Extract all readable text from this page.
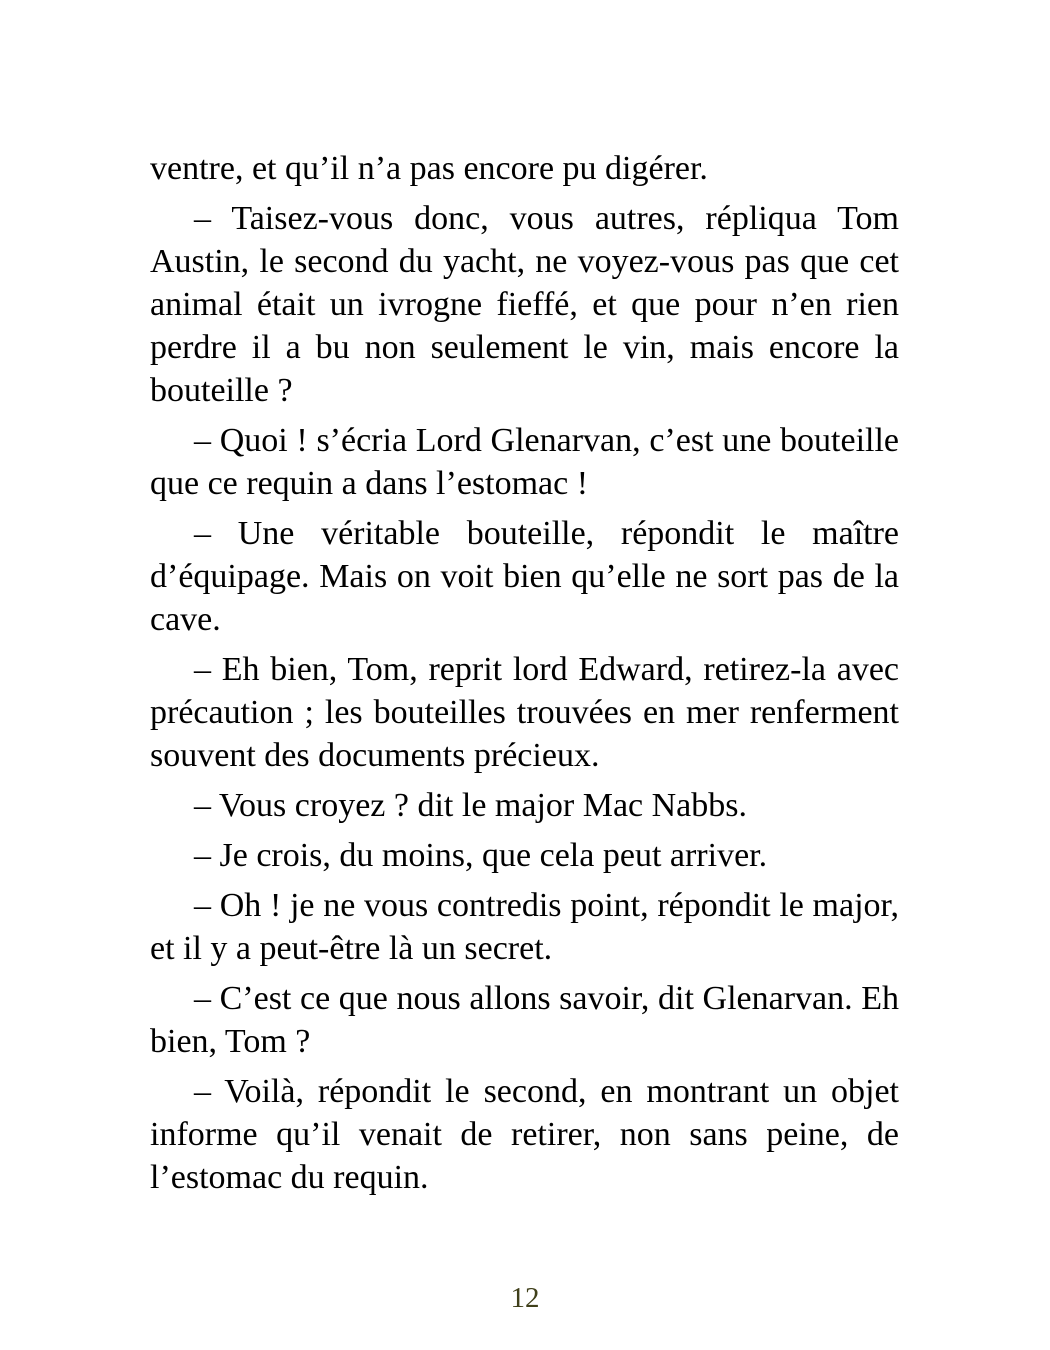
ventre, et qu’il n’a pas encore pu digérer.

– Taisez-vous donc, vous autres, répliqua Tom Austin, le second du yacht, ne voyez-vous pas que cet animal était un ivrogne fieffé, et que pour n’en rien perdre il a bu non seulement le vin, mais encore la bouteille ?

– Quoi ! s’écria Lord Glenarvan, c’est une bouteille que ce requin a dans l’estomac !

– Une véritable bouteille, répondit le maître d’équipage. Mais on voit bien qu’elle ne sort pas de la cave.

– Eh bien, Tom, reprit lord Edward, retirez-la avec précaution ; les bouteilles trouvées en mer renferment souvent des documents précieux.

– Vous croyez ? dit le major Mac Nabbs.

– Je crois, du moins, que cela peut arriver.

– Oh ! je ne vous contredis point, répondit le major, et il y a peut-être là un secret.

– C’est ce que nous allons savoir, dit Glenarvan. Eh bien, Tom ?

– Voilà, répondit le second, en montrant un objet informe qu’il venait de retirer, non sans peine, de l’estomac du requin.

12
